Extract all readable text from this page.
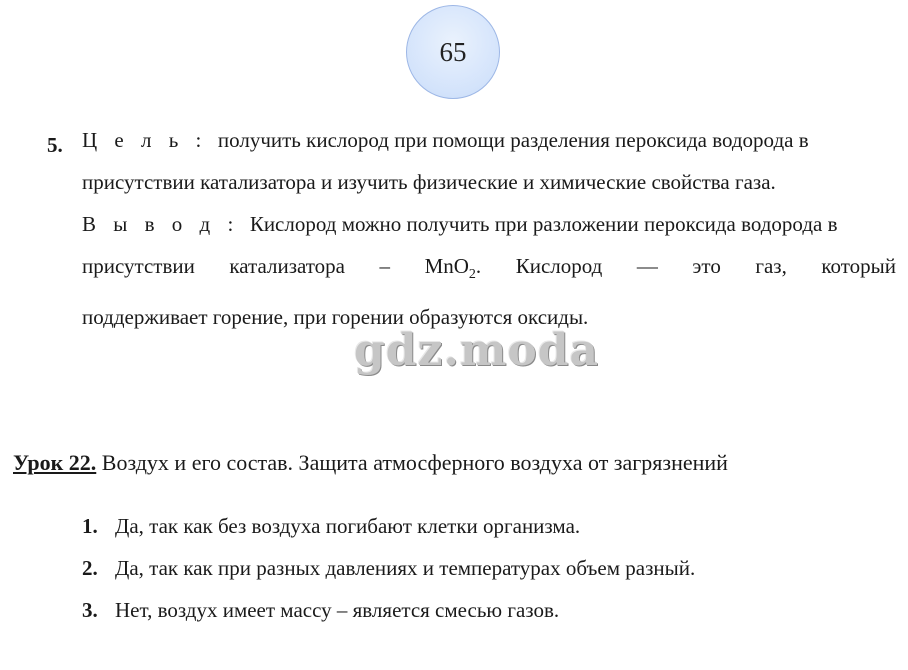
65
5. Ц е л ь : получить кислород при помощи разделения пероксида водорода в
присутствии катализатора и изучить физические и химические свойства газа.
В ы в о д : Кислород можно получить при разложении пероксида водорода в
присутствии катализатора – MnO$_2$. Кислород — это газ, который
поддерживает горение, при горении образуются оксиды.
gdz.moda
Урок 22. Воздух и его состав. Защита атмосферного воздуха от загрязнений
1. Да, так как без воздуха погибают клетки организма.
2. Да, так как при разных давлениях и температурах объем разный.
3. Нет, воздух имеет массу – является смесью газов.
